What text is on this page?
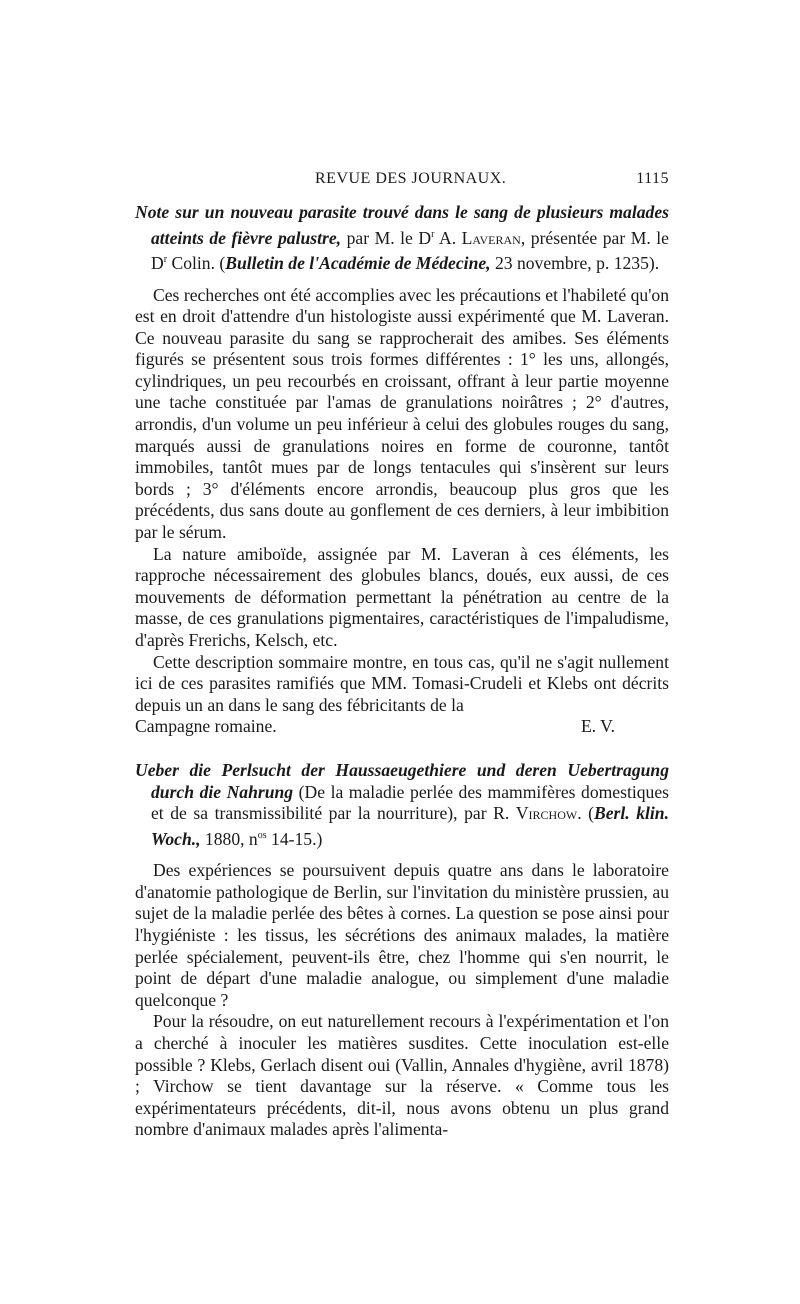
REVUE DES JOURNAUX.	1115

Note sur un nouveau parasite trouvé dans le sang de plusieurs malades atteints de fièvre palustre, par M. le $D^r$ A. Laveran, présentée par M. le $D^r$ Colin. (Bulletin de l'Académie de Médecine, 23 novembre, p. 1235).

Ces recherches ont été accomplies avec les précautions et l'habileté qu'on est en droit d'attendre d'un histologiste aussi expérimenté que M. Laveran. Ce nouveau parasite du sang se rapprocherait des amibes. Ses éléments figurés se présentent sous trois formes différentes : 1° les uns, allongés, cylindriques, un peu recourbés en croissant, offrant à leur partie moyenne une tache constituée par l'amas de granulations noirâtres ; 2° d'autres, arrondis, d'un volume un peu inférieur à celui des globules rouges du sang, marqués aussi de granulations noires en forme de couronne, tantôt immobiles, tantôt mues par de longs tentacules qui s'insèrent sur leurs bords ; 3° d'éléments encore arrondis, beaucoup plus gros que les précédents, dus sans doute au gonflement de ces derniers, à leur imbibition par le sérum.

La nature amiboïde, assignée par M. Laveran à ces éléments, les rapproche nécessairement des globules blancs, doués, eux aussi, de ces mouvements de déformation permettant la pénétration au centre de la masse, de ces granulations pigmentaires, caractéristiques de l'impaludisme, d'après Frerichs, Kelsch, etc.

Cette description sommaire montre, en tous cas, qu'il ne s'agit nullement ici de ces parasites ramifiés que MM. Tomasi-Crudeli et Klebs ont décrits depuis un an dans le sang des fébricitants de la

Campagne romaine.	E. V.

Ueber die Perlsucht der Haussaeugethiere und deren Uebertragung durch die Nahrung (De la maladie perlée des mammifères domestiques et de sa transmissibilité par la nourriture), par R. Virchow. (Berl. klin. Woch., 1880, $n^{os}$ 14-15.)

Des expériences se poursuivent depuis quatre ans dans le laboratoire d'anatomie pathologique de Berlin, sur l'invitation du ministère prussien, au sujet de la maladie perlée des bêtes à cornes. La question se pose ainsi pour l'hygiéniste : les tissus, les sécrétions des animaux malades, la matière perlée spécialement, peuvent-ils être, chez l'homme qui s'en nourrit, le point de départ d'une maladie analogue, ou simplement d'une maladie quelconque ?

Pour la résoudre, on eut naturellement recours à l'expérimentation et l'on a cherché à inoculer les matières susdites. Cette inoculation est-elle possible ? Klebs, Gerlach disent oui (Vallin, Annales d'hygiène, avril 1878) ; Virchow se tient davantage sur la réserve. « Comme tous les expérimentateurs précédents, dit-il, nous avons obtenu un plus grand nombre d'animaux malades après l'alimenta-
